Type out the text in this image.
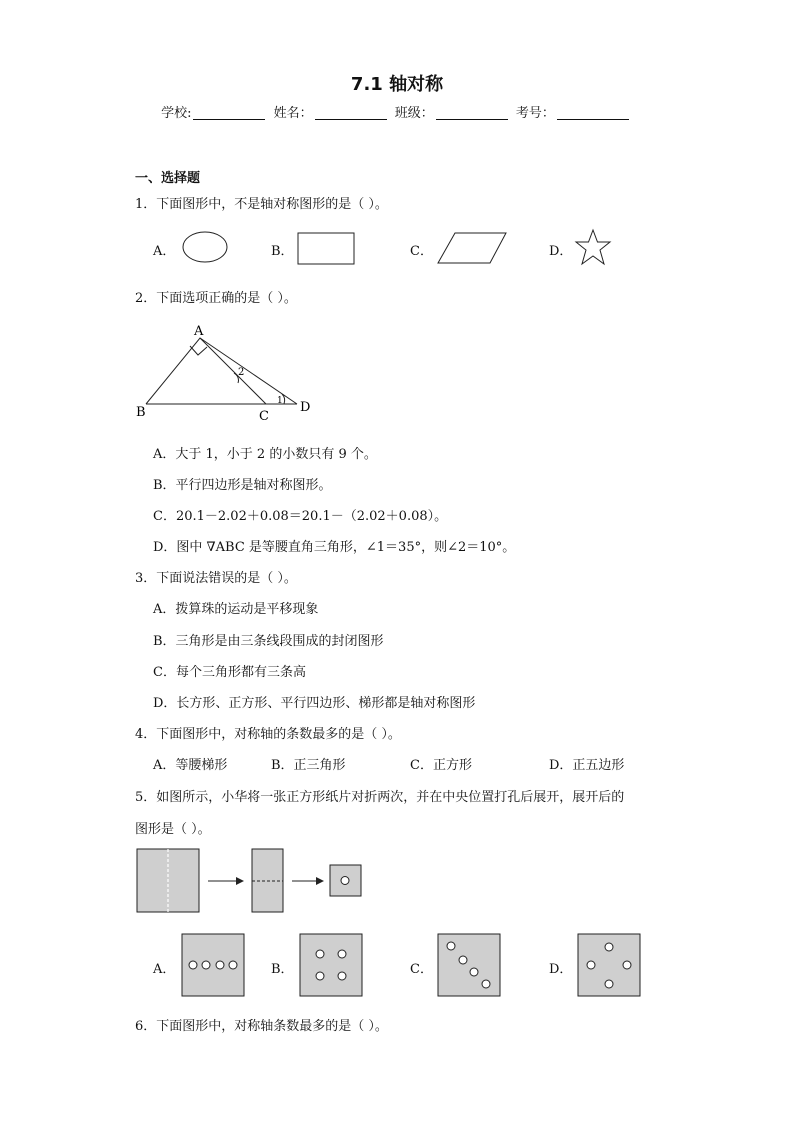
7.1 轴对称
学校:	姓名：	班级：	考号：
一、选择题
1．下面图形中，不是轴对称图形的是（ ）。
A．	B．	C．	D．
2．下面选项正确的是（ ）。
A
B	C
D
1
2
A．大于 1，小于 2 的小数只有 9 个。
B．平行四边形是轴对称图形。
C．20.1－2.02＋0.08＝20.1－（2.02＋0.08）。
D．图中 ∇ABC 是等腰直角三角形，∠1＝35°，则∠2＝10°。
3．下面说法错误的是（ ）。
A．拨算珠的运动是平移现象
B．三角形是由三条线段围成的封闭图形
C．每个三角形都有三条高
D．长方形、正方形、平行四边形、梯形都是轴对称图形
4．下面图形中，对称轴的条数最多的是（ ）。
A．等腰梯形	B．正三角形	C．正方形	D．正五边形
5．如图所示，小华将一张正方形纸片对折两次，并在中央位置打孔后展开，展开后的
图形是（ ）。
A．	B．	C．	D．
6．下面图形中，对称轴条数最多的是（ ）。
